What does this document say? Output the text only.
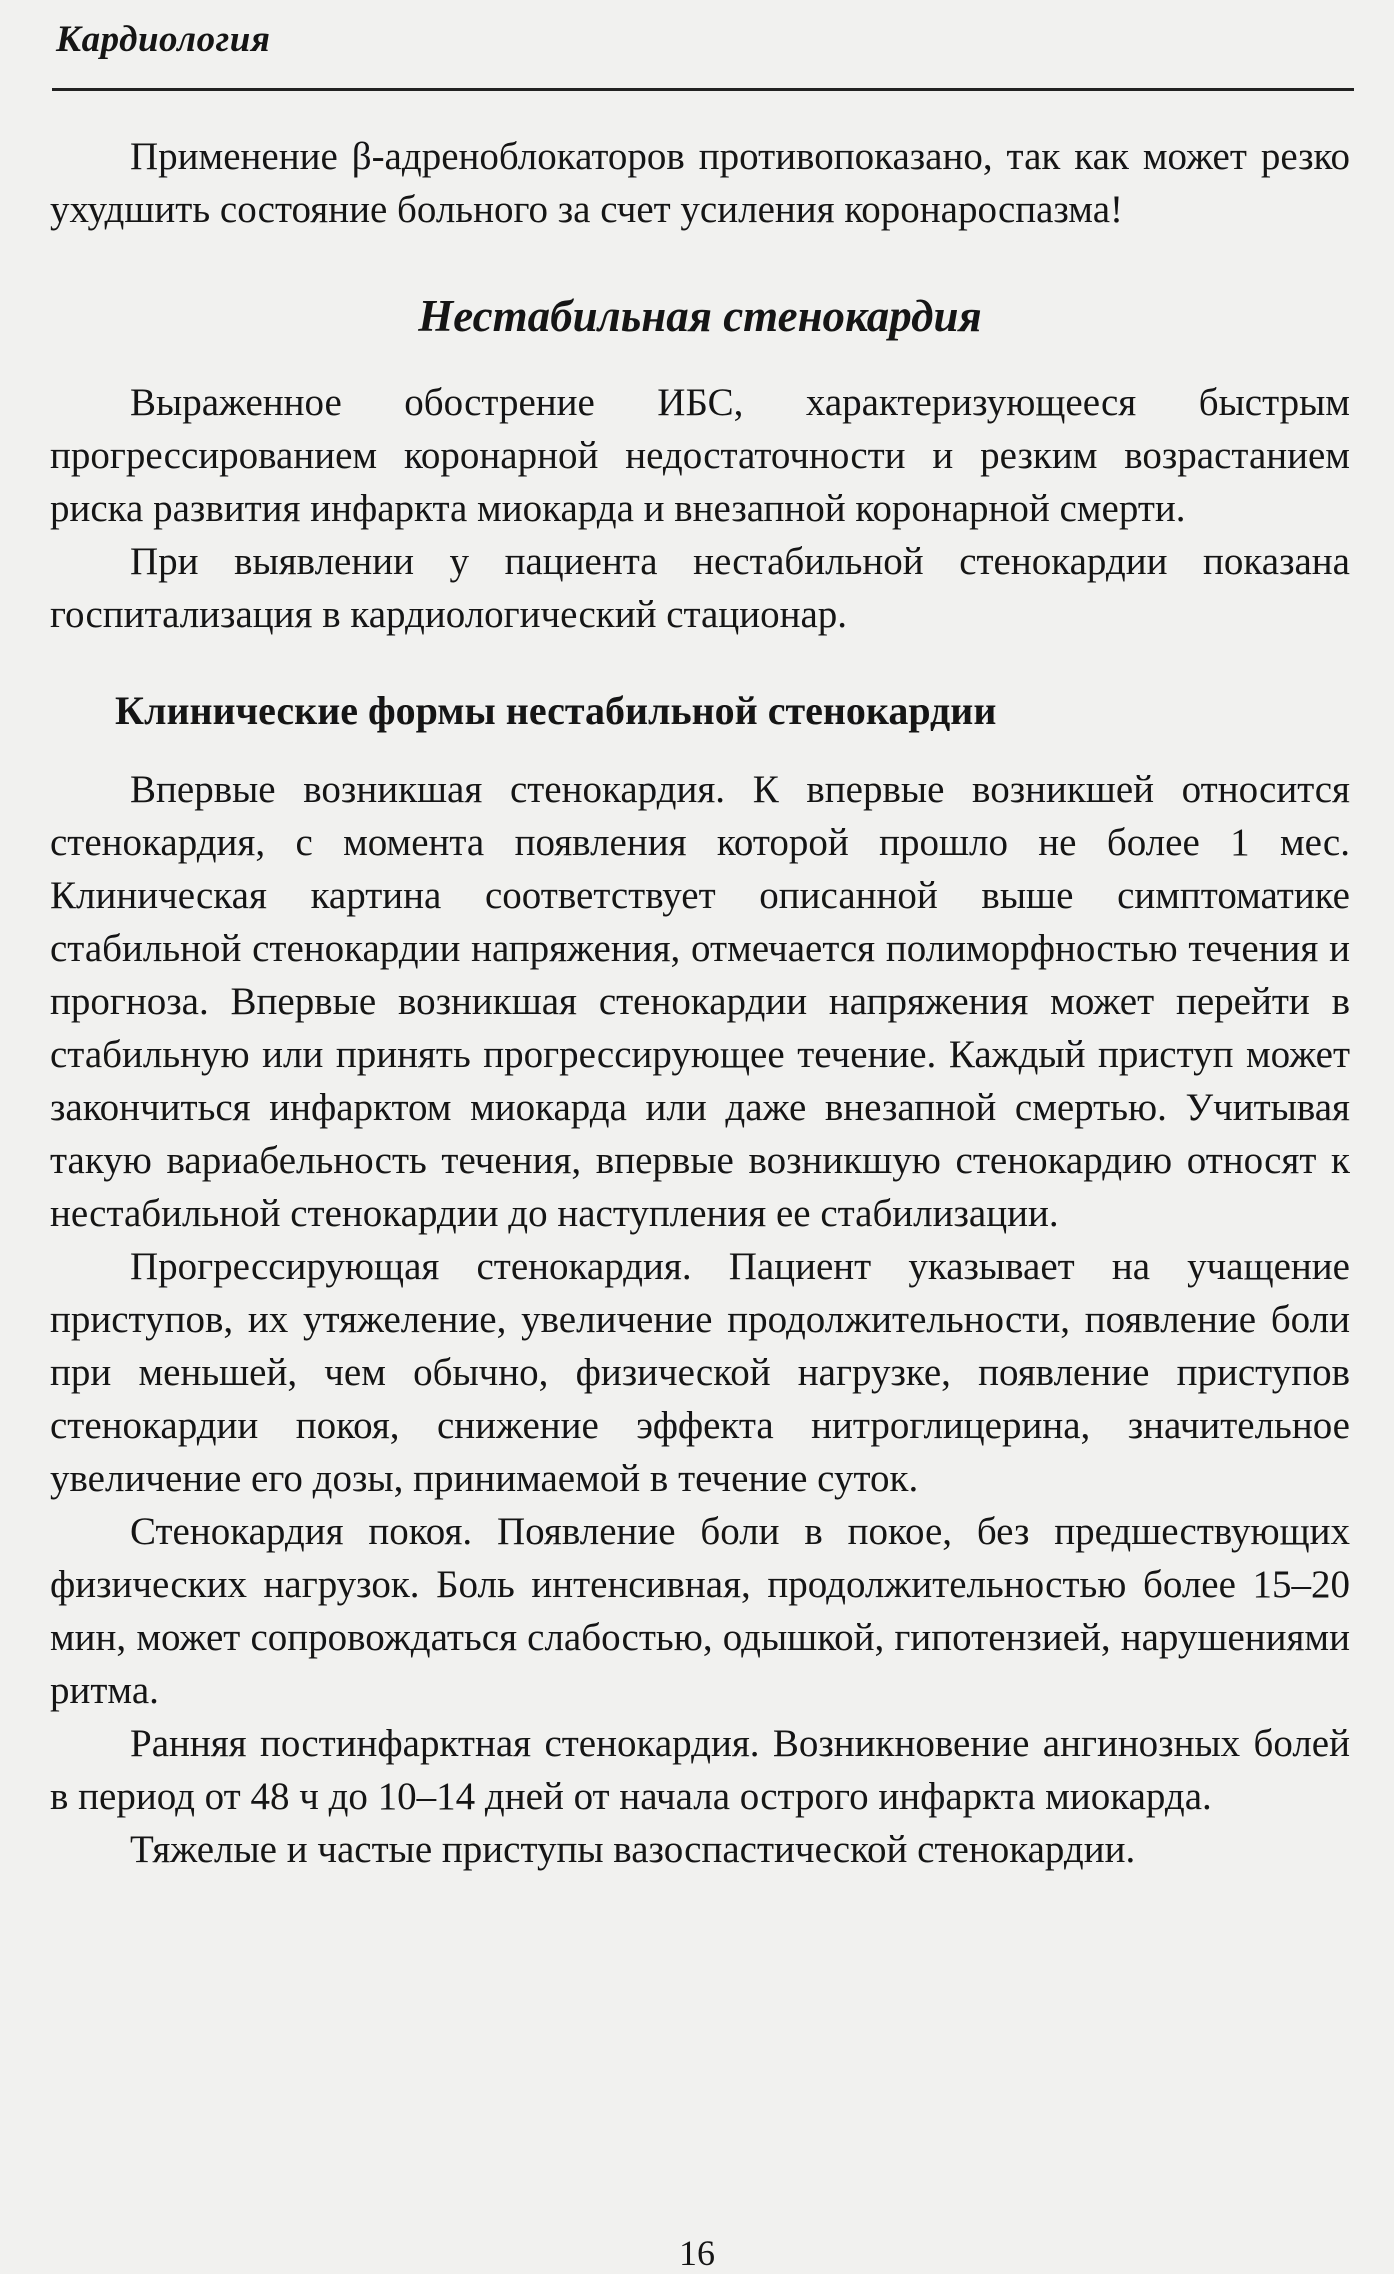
Кардиология

Применение β-адреноблокаторов противопоказано, так как может резко ухудшить состояние больного за счет усиления коронароспазма!

Нестабильная стенокардия

Выраженное обострение ИБС, характеризующееся быстрым прогрессированием коронарной недостаточности и резким возрастанием риска развития инфаркта миокарда и внезапной коронарной смерти.

При выявлении у пациента нестабильной стенокардии показана госпитализация в кардиологический стационар.

Клинические формы нестабильной стенокардии

Впервые возникшая стенокардия. К впервые возникшей относится стенокардия, с момента появления которой прошло не более 1 мес. Клиническая картина соответствует описанной выше симптоматике стабильной стенокардии напряжения, отмечается полиморфностью течения и прогноза. Впервые возникшая стенокардии напряжения может перейти в стабильную или принять прогрессирующее течение. Каждый приступ может закончиться инфарктом миокарда или даже внезапной смертью. Учитывая такую вариабельность течения, впервые возникшую стенокардию относят к нестабильной стенокардии до наступления ее стабилизации.

Прогрессирующая стенокардия. Пациент указывает на учащение приступов, их утяжеление, увеличение продолжительности, появление боли при меньшей, чем обычно, физической нагрузке, появление приступов стенокардии покоя, снижение эффекта нитроглицерина, значительное увеличение его дозы, принимаемой в течение суток.

Стенокардия покоя. Появление боли в покое, без предшествующих физических нагрузок. Боль интенсивная, продолжительностью более 15–20 мин, может сопровождаться слабостью, одышкой, гипотензией, нарушениями ритма.

Ранняя постинфарктная стенокардия. Возникновение ангинозных болей в период от 48 ч до 10–14 дней от начала острого инфаркта миокарда.

Тяжелые и частые приступы вазоспастической стенокардии.

16
